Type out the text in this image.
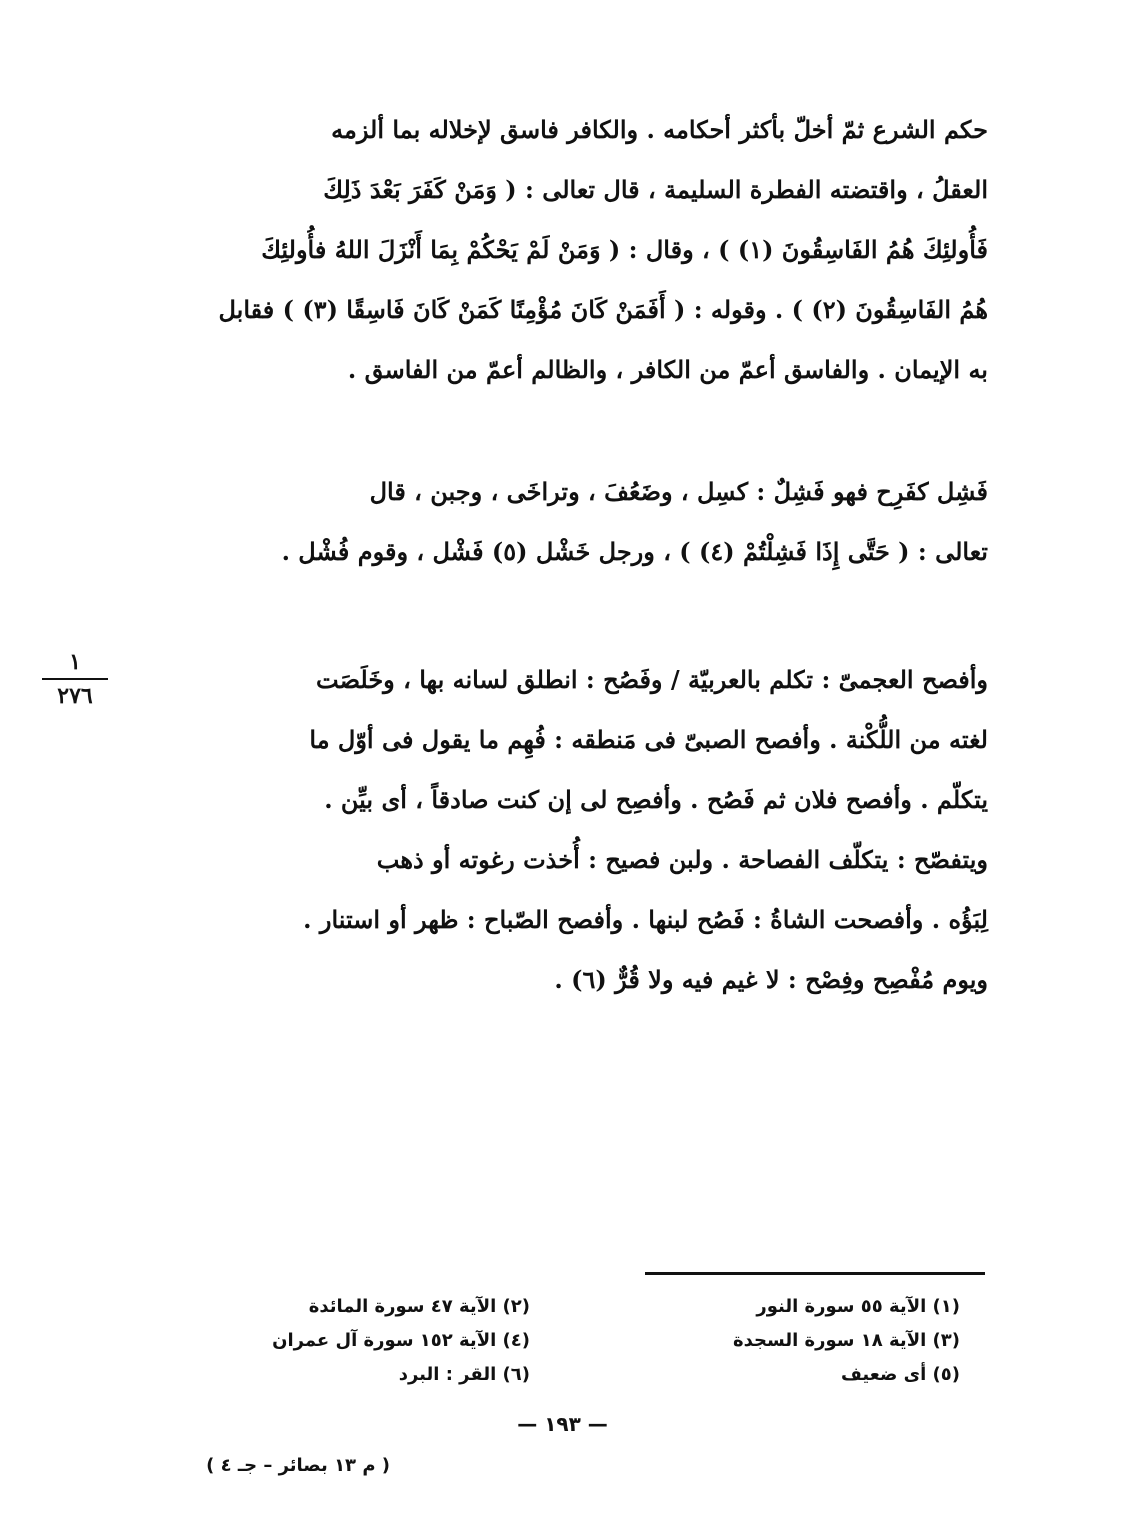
حكم الشرع ثمّ أخلّ بأكثر أحكامه . والكافر فاسق لإخلاله بما ألزمه

العقلُ ، واقتضته الفطرة السليمة ، قال تعالى : ( وَمَنْ كَفَرَ بَعْدَ ذَلِكَ

فَأُولئِكَ هُمُ الفَاسِقُونَ (١) ) ، وقال : ( وَمَنْ لَمْ يَحْكُمْ بِمَا أَنْزَلَ اللهُ فأُولئِكَ

هُمُ الفَاسِقُونَ (٢) ) . وقوله : ( أَفَمَنْ كَانَ مُؤْمِنًا كَمَنْ كَانَ فَاسِقًا (٣) ) فقابل

به الإيمان . والفاسق أعمّ من الكافر ، والظالم أعمّ من الفاسق .

فَشِل كفَرِح فهو فَشِلٌ : كسِل ، وضَعُفَ ، وتراخَى ، وجبن ، قال

تعالى : ( حَتَّى إِذَا فَشِلْتُمْ (٤) ) ، ورجل خَشْل (٥) فَشْل ، وقوم فُشْل .

وأفصح العجمىّ : تكلم بالعربيّة / وفَصُح : انطلق لسانه بها ، وخَلَصَت

لغته من اللُّكْنة . وأفصح الصبىّ فى مَنطقه : فُهِم ما يقول فى أوّل ما

يتكلّم . وأفصح فلان ثم فَصُح . وأفصِح لى إن كنت صادقاً ، أى بيِّن .

ويتفصّح : يتكلّف الفصاحة . ولبن فصيح : أُخذت رغوته أو ذهب

لِبَؤُه . وأفصحت الشاةُ : فَصُح لبنها . وأفصح الصّباح : ظهر أو استنار .

ويوم مُفْصِح وفِصْح : لا غيم فيه ولا قُرٌّ (٦) .

١
٢٧٦
(١) الآية ٥٥ سورة النور
(٢) الآية ٤٧ سورة المائدة
(٣) الآية ١٨ سورة السجدة
(٤) الآية ١٥٢ سورة آل عمران
(٥) أى ضعيف
(٦) القر : البرد
— ١٩٣ —
( م ١٣ بصائر – جـ ٤ )
